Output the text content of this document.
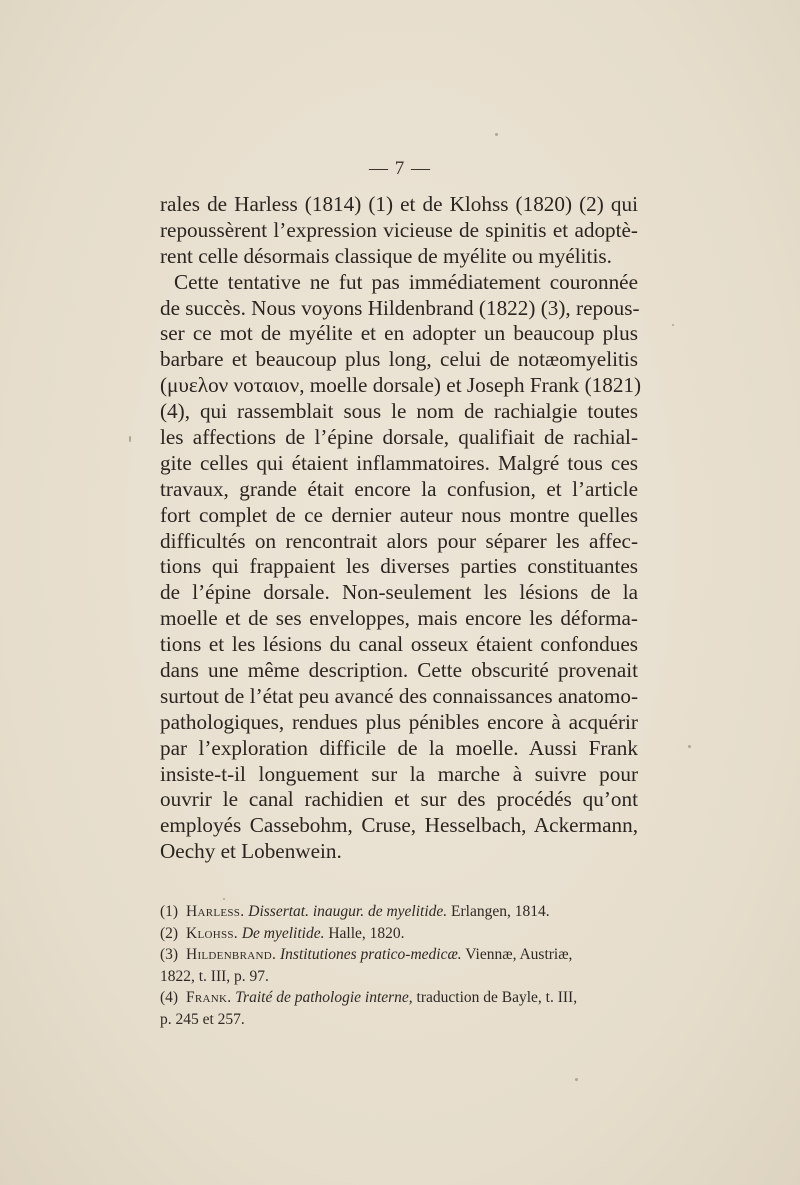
— 7 —
rales de Harless (1814) (1) et de Klohss (1820) (2) qui
repoussèrent l’expression vicieuse de spinitis et adoptè-
rent celle désormais classique de myélite ou myélitis.
Cette tentative ne fut pas immédiatement couronnée
de succès. Nous voyons Hildenbrand (1822) (3), repous-
ser ce mot de myélite et en adopter un beaucoup plus
barbare et beaucoup plus long, celui de notæomyelitis
(μυελον νοταιον, moelle dorsale) et Joseph Frank (1821)
(4), qui rassemblait sous le nom de rachialgie toutes
les affections de l’épine dorsale, qualifiait de rachial-
gite celles qui étaient inflammatoires. Malgré tous ces
travaux, grande était encore la confusion, et l’article
fort complet de ce dernier auteur nous montre quelles
difficultés on rencontrait alors pour séparer les affec-
tions qui frappaient les diverses parties constituantes
de l’épine dorsale. Non-seulement les lésions de la
moelle et de ses enveloppes, mais encore les déforma-
tions et les lésions du canal osseux étaient confondues
dans une même description. Cette obscurité provenait
surtout de l’état peu avancé des connaissances anatomo-
pathologiques, rendues plus pénibles encore à acquérir
par l’exploration difficile de la moelle. Aussi Frank
insiste-t-il longuement sur la marche à suivre pour
ouvrir le canal rachidien et sur des procédés qu’ont
employés Cassebohm, Cruse, Hesselbach, Ackermann,
Oechy et Lobenwein.
(1) Harless. Dissertat. inaugur. de myelitide. Erlangen, 1814.
(2) Klohss. De myelitide. Halle, 1820.
(3) Hildenbrand. Institutiones pratico-medicæ. Viennæ, Austriæ,
1822, t. III, p. 97.
(4) Frank. Traité de pathologie interne, traduction de Bayle, t. III,
p. 245 et 257.
